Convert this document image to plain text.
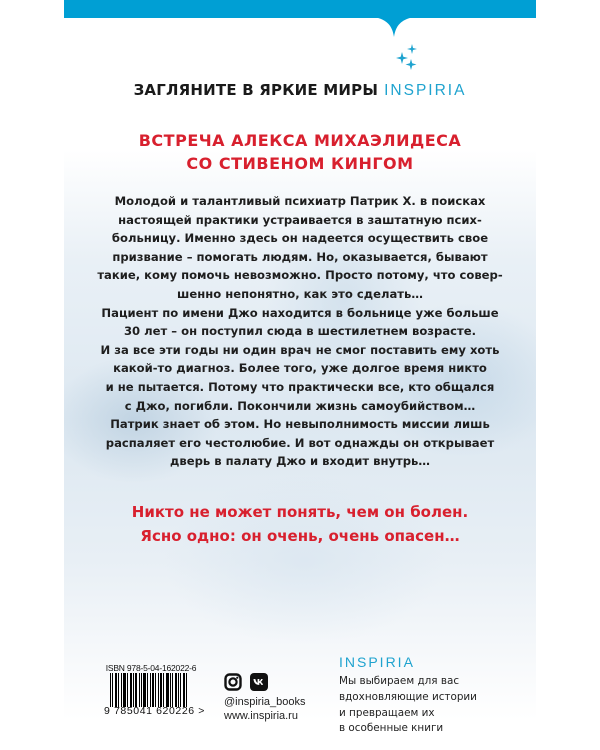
ЗАГЛЯНИТЕ В ЯРКИЕ МИРЫ INSPIRIA
ВСТРЕЧА АЛЕКСА МИХАЭЛИДЕСА
СО СТИВЕНОМ КИНГОМ
Молодой и талантливый психиатр Патрик Х. в поисках
настоящей практики устраивается в заштатную псих-
больницу. Именно здесь он надеется осуществить свое
призвание – помогать людям. Но, оказывается, бывают
такие, кому помочь невозможно. Просто потому, что совер-
шенно непонятно, как это сделать…
Пациент по имени Джо находится в больнице уже больше
30 лет – он поступил сюда в шестилетнем возрасте.
И за все эти годы ни один врач не смог поставить ему хоть
какой-то диагноз. Более того, уже долгое время никто
и не пытается. Потому что практически все, кто общался
с Джо, погибли. Покончили жизнь самоубийством…
Патрик знает об этом. Но невыполнимость миссии лишь
распаляет его честолюбие. И вот однажды он открывает
дверь в палату Джо и входит внутрь…
Никто не может понять, чем он болен.
Ясно одно: он очень, очень опасен…
ISBN 978-5-04-162022-6
9 785041 620226 >
@inspiria_books
www.inspiria.ru
INSPIRIA
Мы выбираем для вас
вдохновляющие истории
и превращаем их
в особенные книги
